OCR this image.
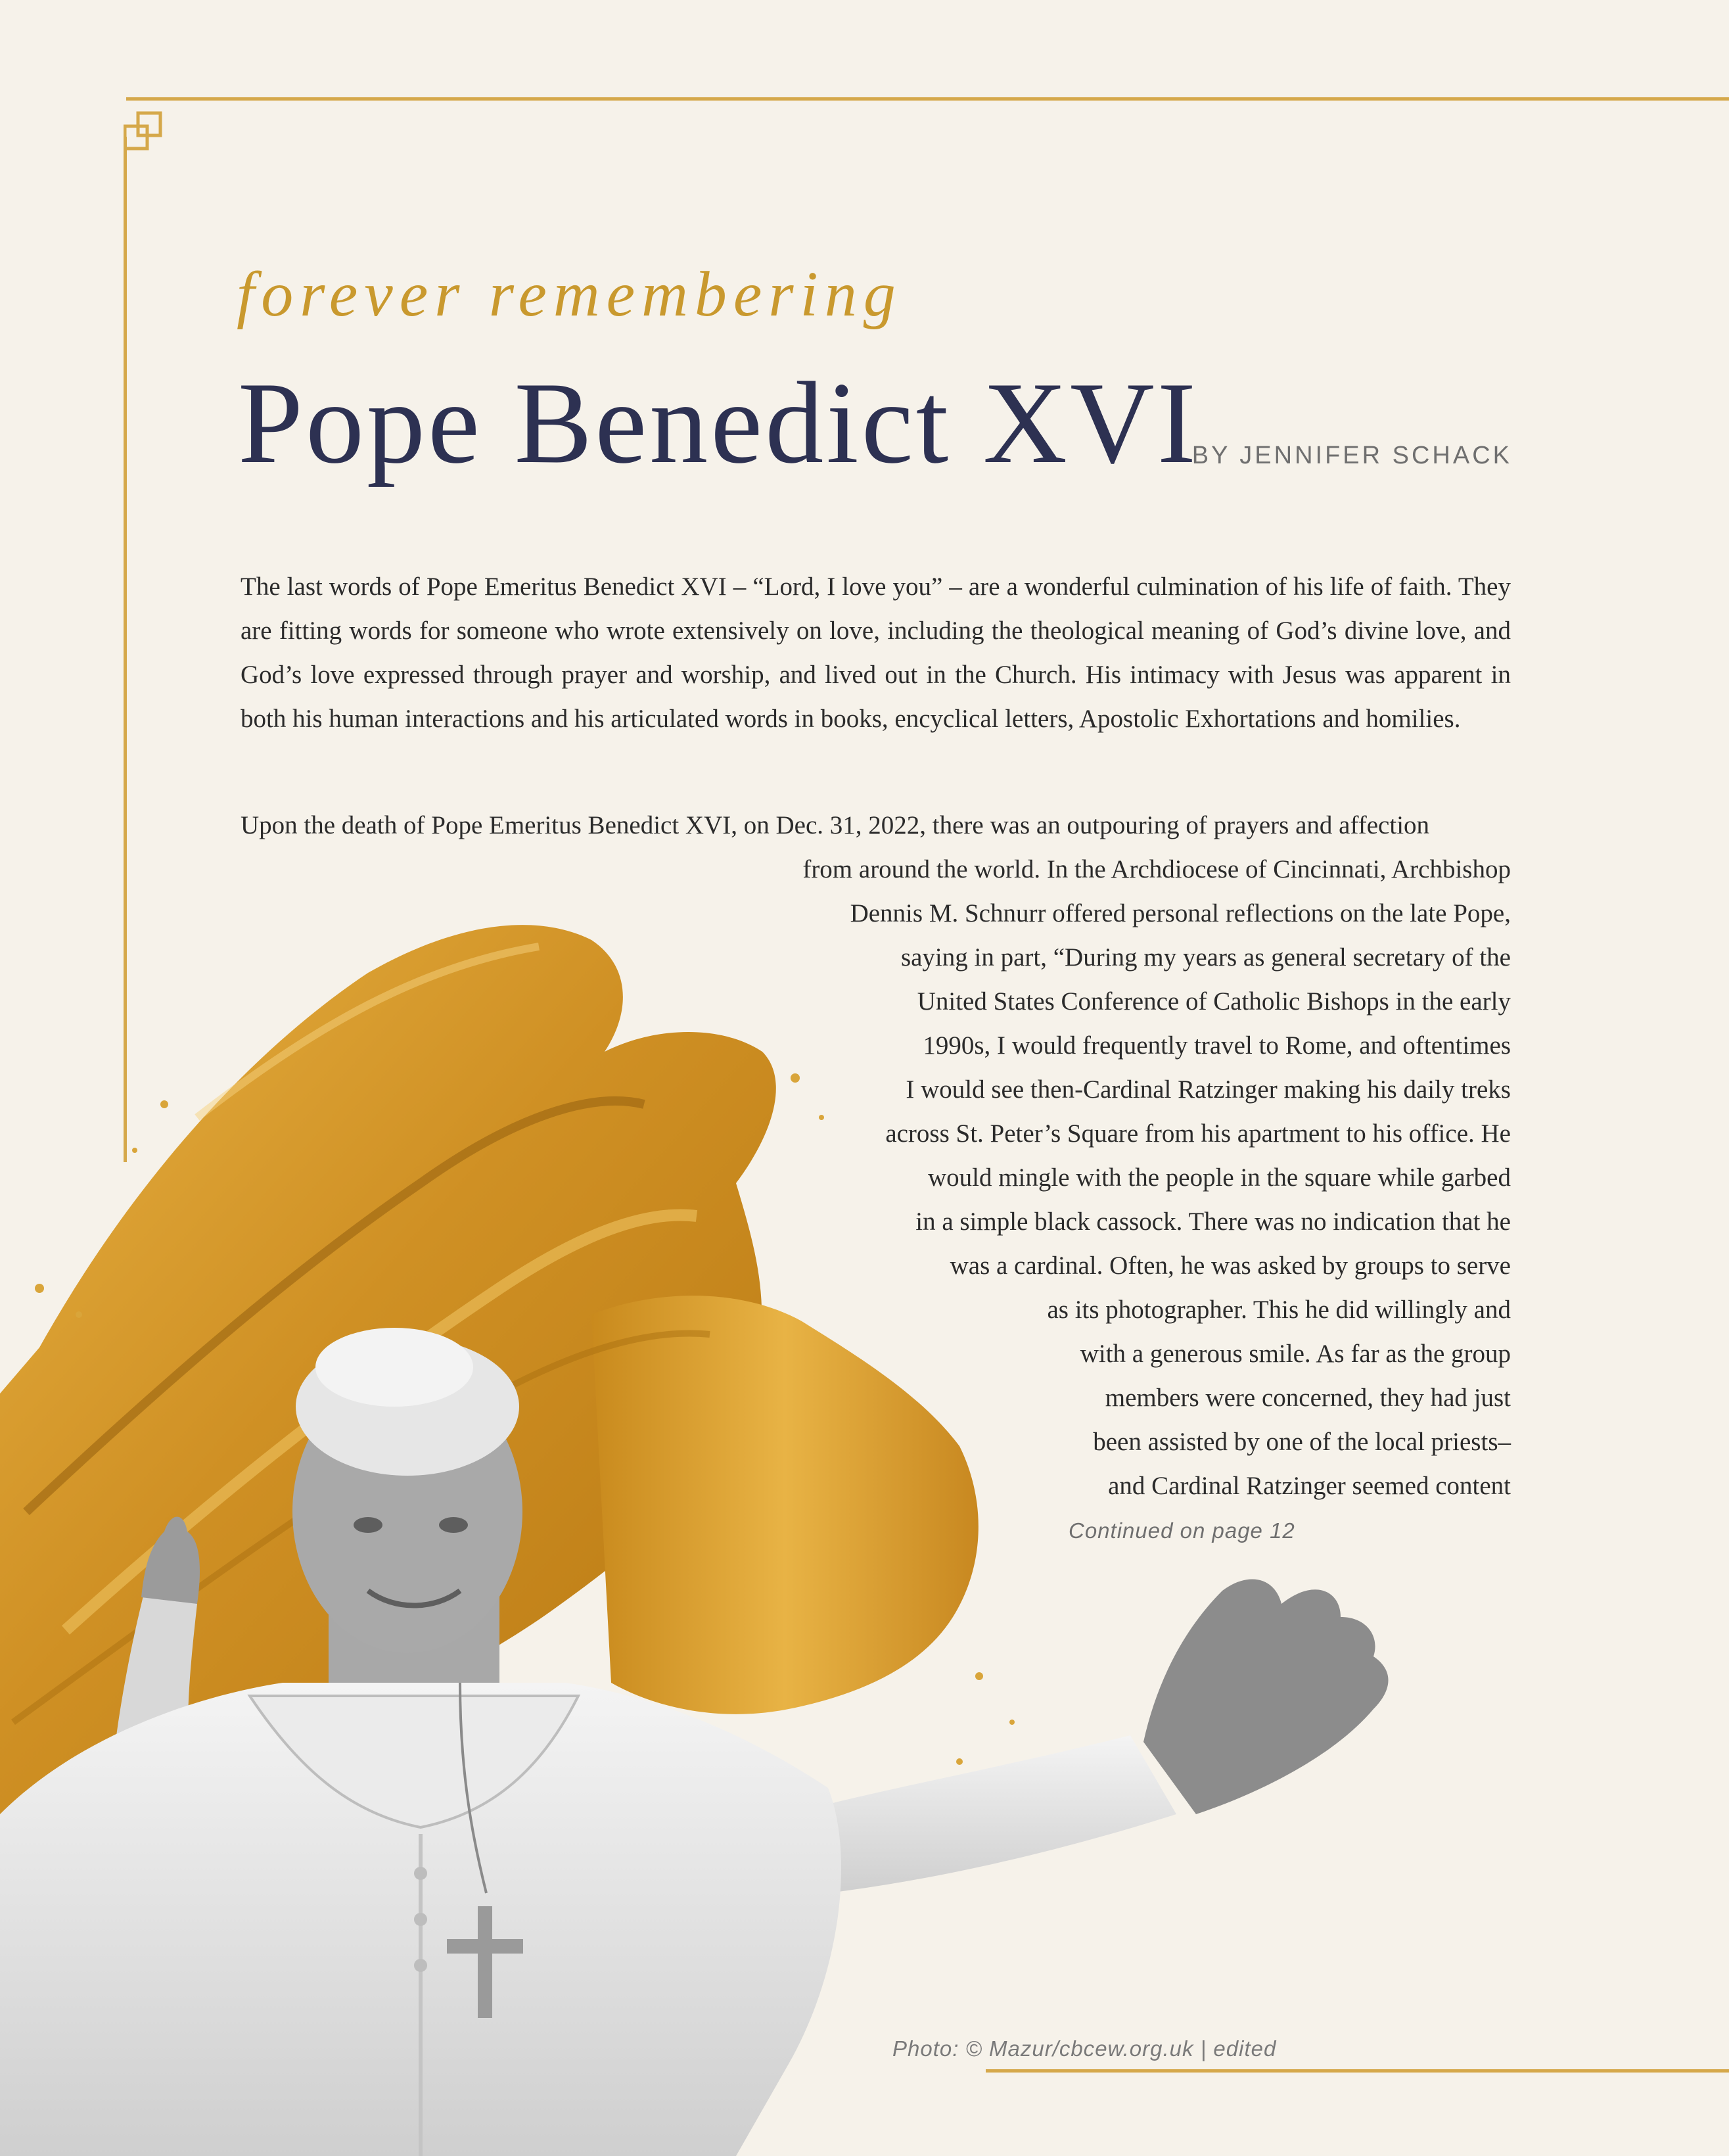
forever remembering
Pope Benedict XVI
BY JENNIFER SCHACK

The last words of Pope Emeritus Benedict XVI – “Lord, I love you” – are a wonderful culmination of his life of faith. They are fitting words for someone who wrote extensively on love, including the theological meaning of God’s divine love, and God’s love expressed through prayer and worship, and lived out in the Church. His intimacy with Jesus was apparent in both his human interactions and his articulated words in books, encyclical letters, Apostolic Exhortations and homilies.

Upon the death of Pope Emeritus Benedict XVI, on Dec. 31, 2022, there was an outpouring of prayers and affection
from around the world. In the Archdiocese of Cincinnati, Archbishop
Dennis M. Schnurr offered personal reflections on the late Pope,
saying in part, “During my years as general secretary of the
United States Conference of Catholic Bishops in the early
1990s, I would frequently travel to Rome, and oftentimes
I would see then-Cardinal Ratzinger making his daily treks
across St. Peter’s Square from his apartment to his office. He
would mingle with the people in the square while garbed
in a simple black cassock. There was no indication that he
was a cardinal. Often, he was asked by groups to serve
as its photographer. This he did willingly and
with a generous smile. As far as the group
members were concerned, they had just
been assisted by one of the local priests–
and Cardinal Ratzinger seemed content
Continued on page 12
Photo: © Mazur/cbcew.org.uk | edited
